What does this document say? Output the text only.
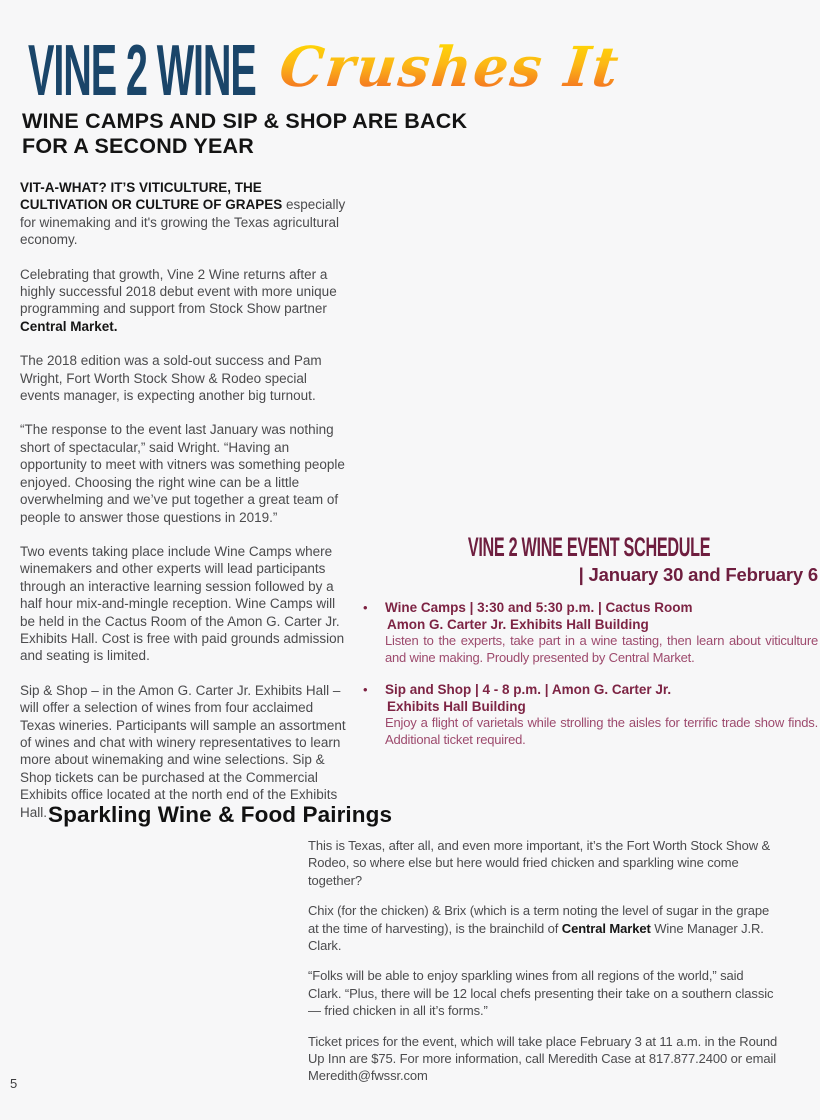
VINE 2 WINE Crushes It
WINE CAMPS AND SIP & SHOP ARE BACK FOR A SECOND YEAR

VIT-A-WHAT? IT’S VITICULTURE, THE CULTIVATION OR CULTURE OF GRAPES especially for winemaking and it's growing the Texas agricultural economy.

Celebrating that growth, Vine 2 Wine returns after a highly successful 2018 debut event with more unique programming and support from Stock Show partner Central Market.

The 2018 edition was a sold-out success and Pam Wright, Fort Worth Stock Show & Rodeo special events manager, is expecting another big turnout.

“The response to the event last January was nothing short of spectacular,” said Wright. “Having an opportunity to meet with vitners was something people enjoyed. Choosing the right wine can be a little overwhelming and we’ve put together a great team of people to answer those questions in 2019.”

Two events taking place include Wine Camps where winemakers and other experts will lead participants through an interactive learning session followed by a half hour mix-and-mingle reception. Wine Camps will be held in the Cactus Room of the Amon G. Carter Jr. Exhibits Hall. Cost is free with paid grounds admission and seating is limited.

Sip & Shop – in the Amon G. Carter Jr. Exhibits Hall – will offer a selection of wines from four acclaimed Texas wineries. Participants will sample an assortment of wines and chat with winery representatives to learn more about winemaking and wine selections. Sip & Shop tickets can be purchased at the Commercial Exhibits office located at the north end of the Exhibits Hall.

VINE 2 WINE EVENT SCHEDULE
| January 30 and February 6
•	Wine Camps | 3:30 and 5:30 p.m. | Cactus Room
Amon G. Carter Jr. Exhibits Hall Building
Listen to the experts, take part in a wine tasting, then learn about viticulture and wine making. Proudly presented by Central Market.
•	Sip and Shop | 4 - 8 p.m. | Amon G. Carter Jr.
Exhibits Hall Building
Enjoy a flight of varietals while strolling the aisles for terrific trade show finds. Additional ticket required.
Sparkling Wine & Food Pairings

This is Texas, after all, and even more important, it’s the Fort Worth Stock Show & Rodeo, so where else but here would fried chicken and sparkling wine come together?

Chix (for the chicken) & Brix (which is a term noting the level of sugar in the grape at the time of harvesting), is the brainchild of Central Market Wine Manager J.R. Clark.

“Folks will be able to enjoy sparkling wines from all regions of the world,” said Clark. “Plus, there will be 12 local chefs presenting their take on a southern classic — fried chicken in all it’s forms.”

Ticket prices for the event, which will take place February 3 at 11 a.m. in the Round Up Inn are $75. For more information, call Meredith Case at 817.877.2400 or email Meredith@fwssr.com

5
